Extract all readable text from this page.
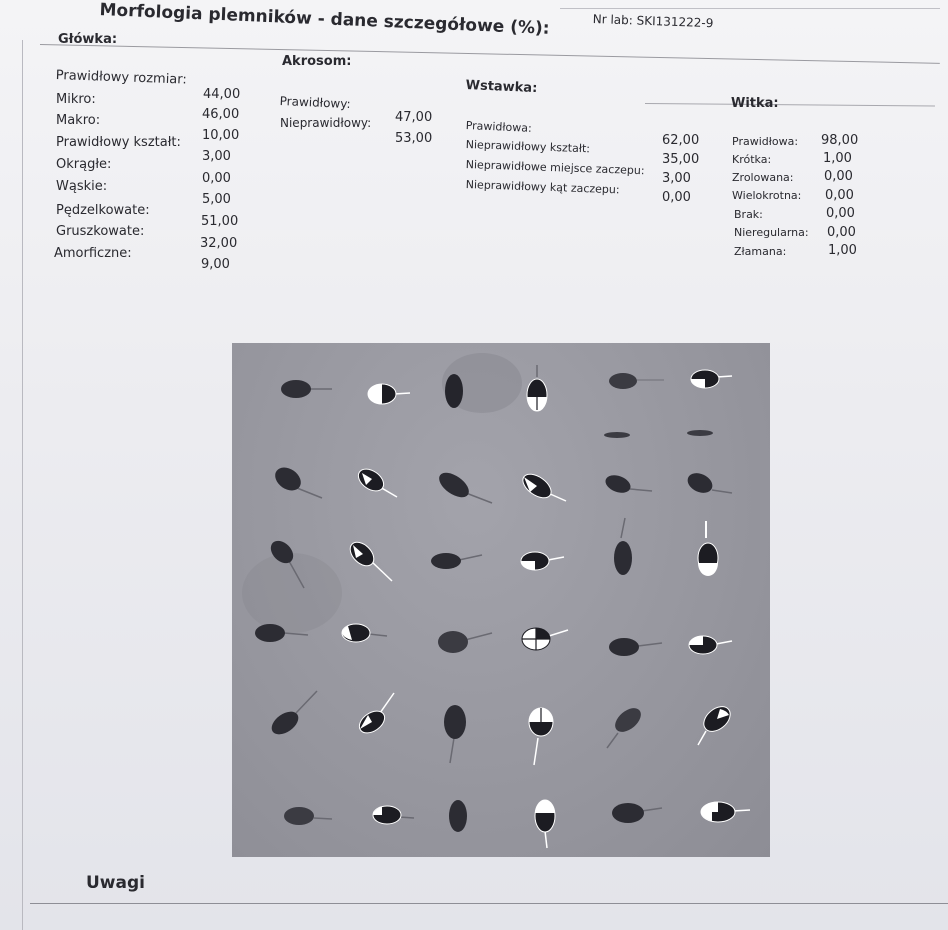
Morfologia plemników - dane szczegółowe (%):	Nr lab: SKI131222-9
Główka:
Prawidłowy rozmiar:
Mikro:
Makro:
Prawidłowy kształt:
Okrągłe:
Wąskie:
Pędzelkowate:
Gruszkowate:
Amorficzne:
44,00
46,00
10,00
3,00
0,00
5,00
51,00
32,00
9,00
Akrosom:
Prawidłowy:
Nieprawidłowy: 47,00
53,00
Wstawka:
Prawidłowa:
Nieprawidłowy kształt:
Nieprawidłowe miejsce zaczepu:
Nieprawidłowy kąt zaczepu:
62,00
35,00
3,00
0,00
Witka:
Prawidłowa:
Krótka:
Zrolowana:
Wielokrotna:
Brak:
Nieregularna:
Złamana:
98,00
1,00
0,00
0,00
0,00
0,00
1,00
Uwagi
